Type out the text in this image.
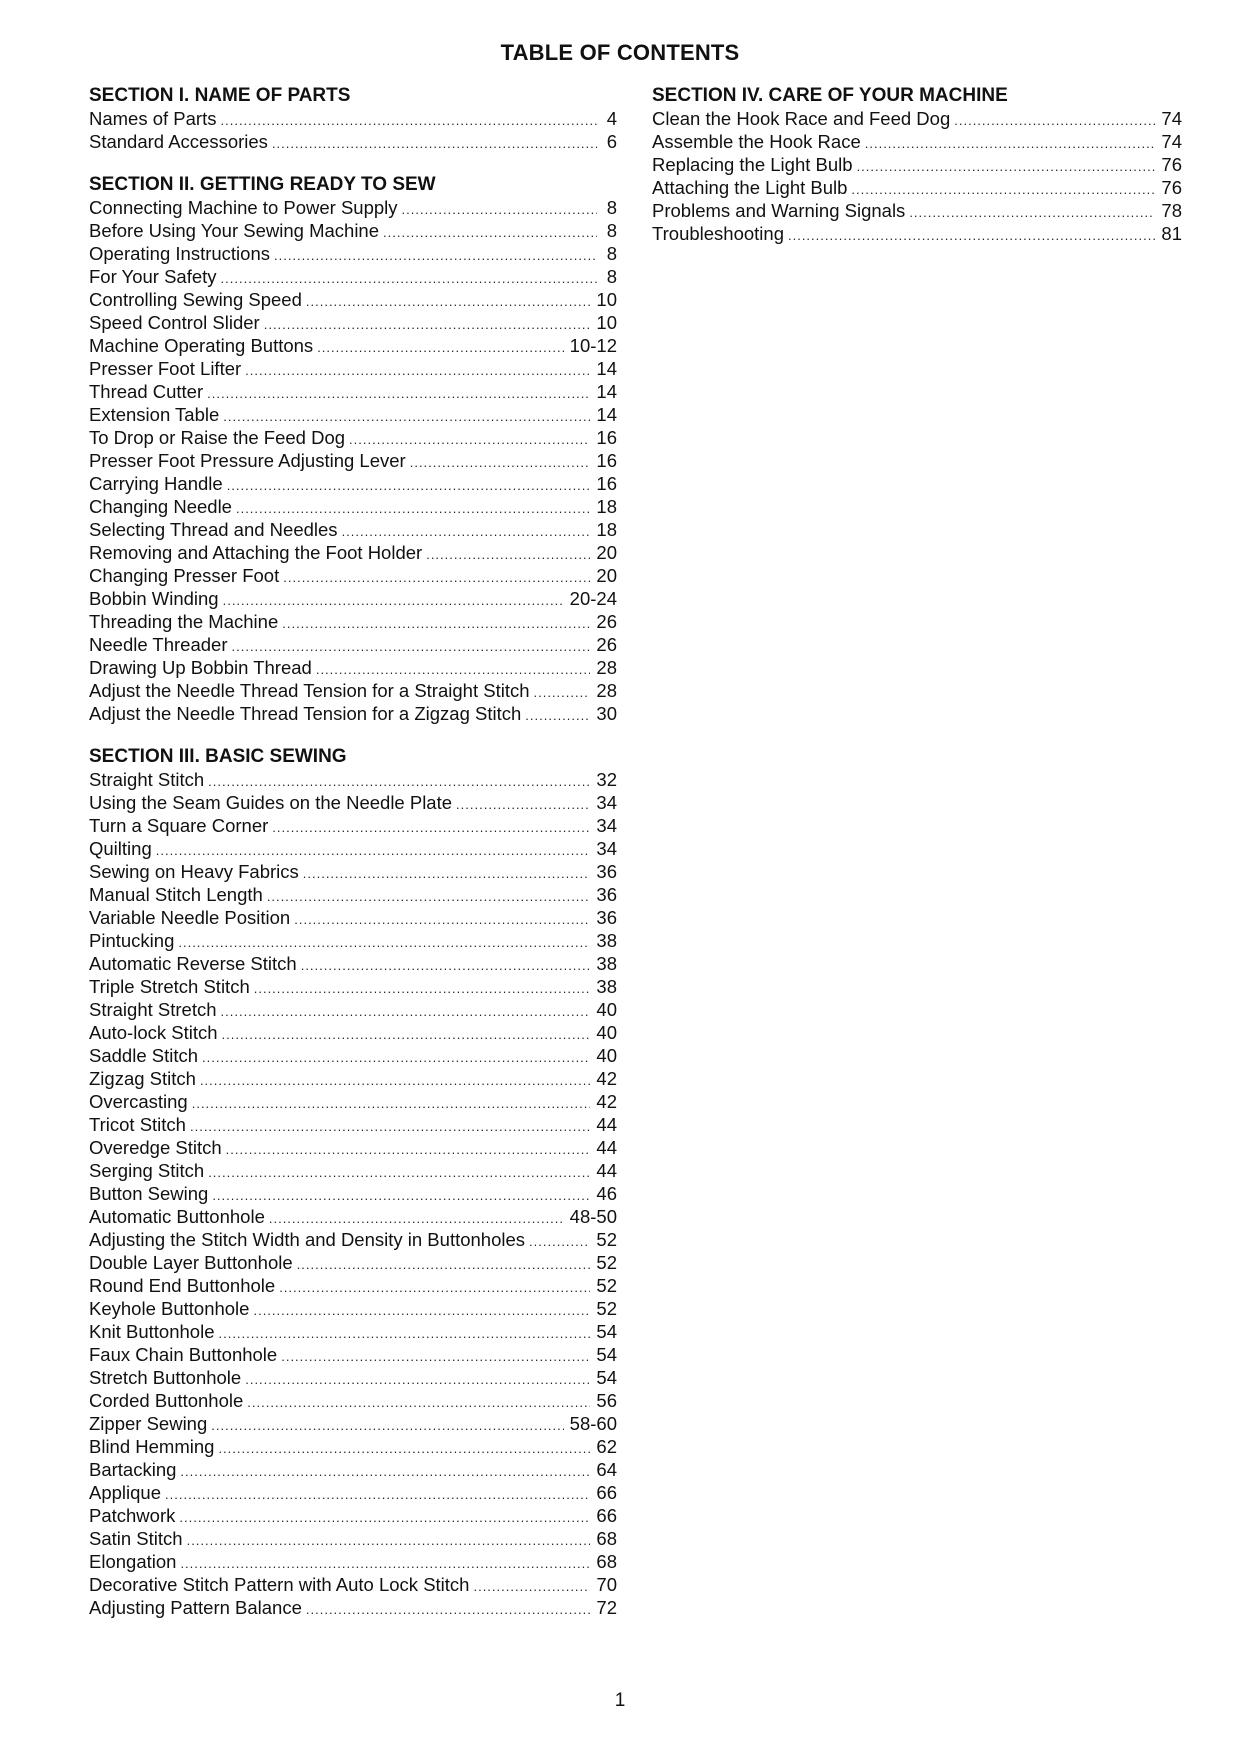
TABLE OF CONTENTS
SECTION I. NAME OF PARTS
Names of Parts .....	4
Standard Accessories .....	6
SECTION II. GETTING READY TO SEW
Connecting Machine to Power Supply .....	8
Before Using Your Sewing Machine .....	8
Operating Instructions .....	8
For Your Safety .....	8
Controlling Sewing Speed .....	10
Speed Control Slider .....	10
Machine Operating Buttons .....	10-12
Presser Foot Lifter .....	14
Thread Cutter .....	14
Extension Table .....	14
To Drop or Raise the Feed Dog .....	16
Presser Foot Pressure Adjusting Lever .....	16
Carrying Handle .....	16
Changing Needle .....	18
Selecting Thread and Needles .....	18
Removing and Attaching the Foot Holder .....	20
Changing Presser Foot .....	20
Bobbin Winding .....	20-24
Threading the Machine .....	26
Needle Threader .....	26
Drawing Up Bobbin Thread .....	28
Adjust the Needle Thread Tension for a Straight Stitch .....	28
Adjust the Needle Thread Tension for a Zigzag Stitch .....	30
SECTION III. BASIC SEWING
Straight Stitch .....	32
Using the Seam Guides on the Needle Plate .....	34
Turn a Square Corner .....	34
Quilting .....	34
Sewing on Heavy Fabrics .....	36
Manual Stitch Length .....	36
Variable Needle Position .....	36
Pintucking .....	38
Automatic Reverse Stitch .....	38
Triple Stretch Stitch .....	38
Straight Stretch .....	40
Auto-lock Stitch .....	40
Saddle Stitch .....	40
Zigzag Stitch .....	42
Overcasting .....	42
Tricot Stitch .....	44
Overedge Stitch .....	44
Serging Stitch .....	44
Button Sewing .....	46
Automatic Buttonhole .....	48-50
Adjusting the Stitch Width and Density in Buttonholes .....	52
Double Layer Buttonhole .....	52
Round End Buttonhole .....	52
Keyhole Buttonhole .....	52
Knit Buttonhole .....	54
Faux Chain Buttonhole .....	54
Stretch Buttonhole .....	54
Corded Buttonhole .....	56
Zipper Sewing .....	58-60
Blind Hemming .....	62
Bartacking .....	64
Applique .....	66
Patchwork .....	66
Satin Stitch .....	68
Elongation .....	68
Decorative Stitch Pattern with Auto Lock Stitch .....	70
Adjusting Pattern Balance .....	72
SECTION IV. CARE OF YOUR MACHINE
Clean the Hook Race and Feed Dog .....	74
Assemble the Hook Race .....	74
Replacing the Light Bulb .....	76
Attaching the Light Bulb .....	76
Problems and Warning Signals .....	78
Troubleshooting .....	81
1
